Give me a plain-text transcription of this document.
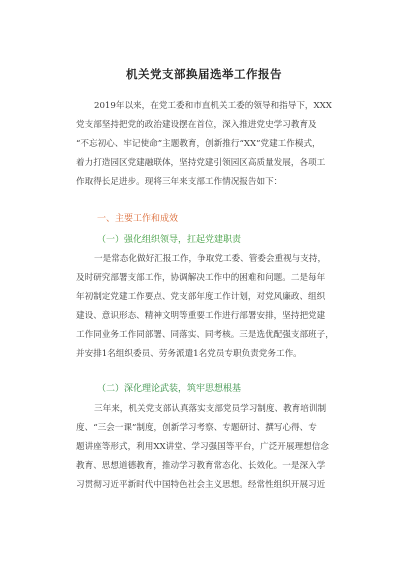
机关党支部换届选举工作报告
2019年以来，在党工委和市直机关工委的领导和指导下，XXX
党支部坚持把党的政治建设摆在首位，深入推进党史学习教育及
“不忘初心、牢记使命”主题教育，创新推行“XX”党建工作模式，
着力打造园区党建融联体，坚持党建引领园区高质量发展，各项工
作取得长足进步。现将三年来支部工作情况报告如下：

一、主要工作和成效

（一）强化组织领导，扛起党建职责

一是常态化做好汇报工作，争取党工委、管委会重视与支持，
及时研究部署支部工作，协调解决工作中的困难和问题。二是每年
年初制定党建工作要点、党支部年度工作计划，对党风廉政、组织
建设、意识形态、精神文明等重要工作进行部署安排，坚持把党建
工作同业务工作同部署、同落实、同考核。三是选优配强支部班子，
并安排1名组织委员、劳务派遣1名党员专职负责党务工作。

（二）深化理论武装，筑牢思想根基

三年来，机关党支部认真落实支部党员学习制度、教育培训制
度、“三会一课”制度，创新学习考察、专题研讨、撰写心得、专
题讲座等形式，利用XX讲堂、学习强国等平台，广泛开展理想信念
教育、思想道德教育，推动学习教育常态化、长效化。一是深入学
习贯彻习近平新时代中国特色社会主义思想。经常性组织开展习近
